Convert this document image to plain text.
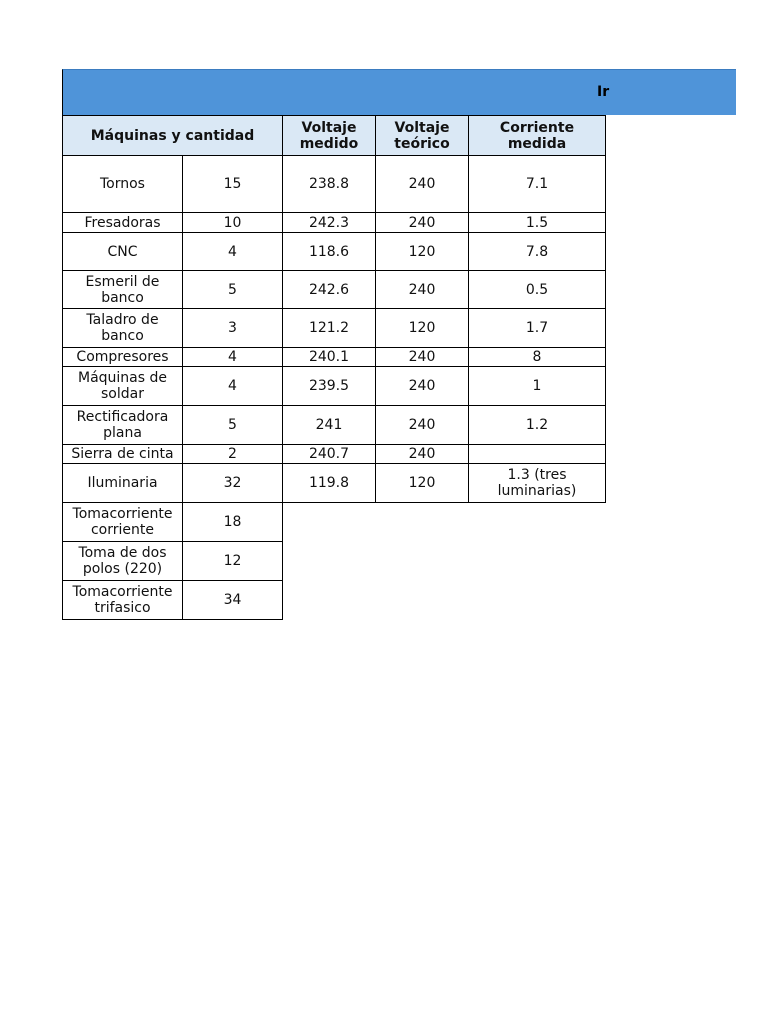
Ir
Máquinas y cantidad		Voltaje medido	Voltaje teórico	Corriente medida
Tornos	15	238.8	240	7.1
Fresadoras	10	242.3	240	1.5
CNC	4	118.6	120	7.8
Esmeril de banco	5	242.6	240	0.5
Taladro de banco	3	121.2	120	1.7
Compresores	4	240.1	240	8
Máquinas de soldar	4	239.5	240	1
Rectificadora plana	5	241	240	1.2
Sierra de cinta	2	240.7	240	
Iluminaria	32	119.8	120	1.3 (tres luminarias)
Tomacorriente corriente	18			
Toma de dos polos (220)	12			
Tomacorriente trifasico	34			
